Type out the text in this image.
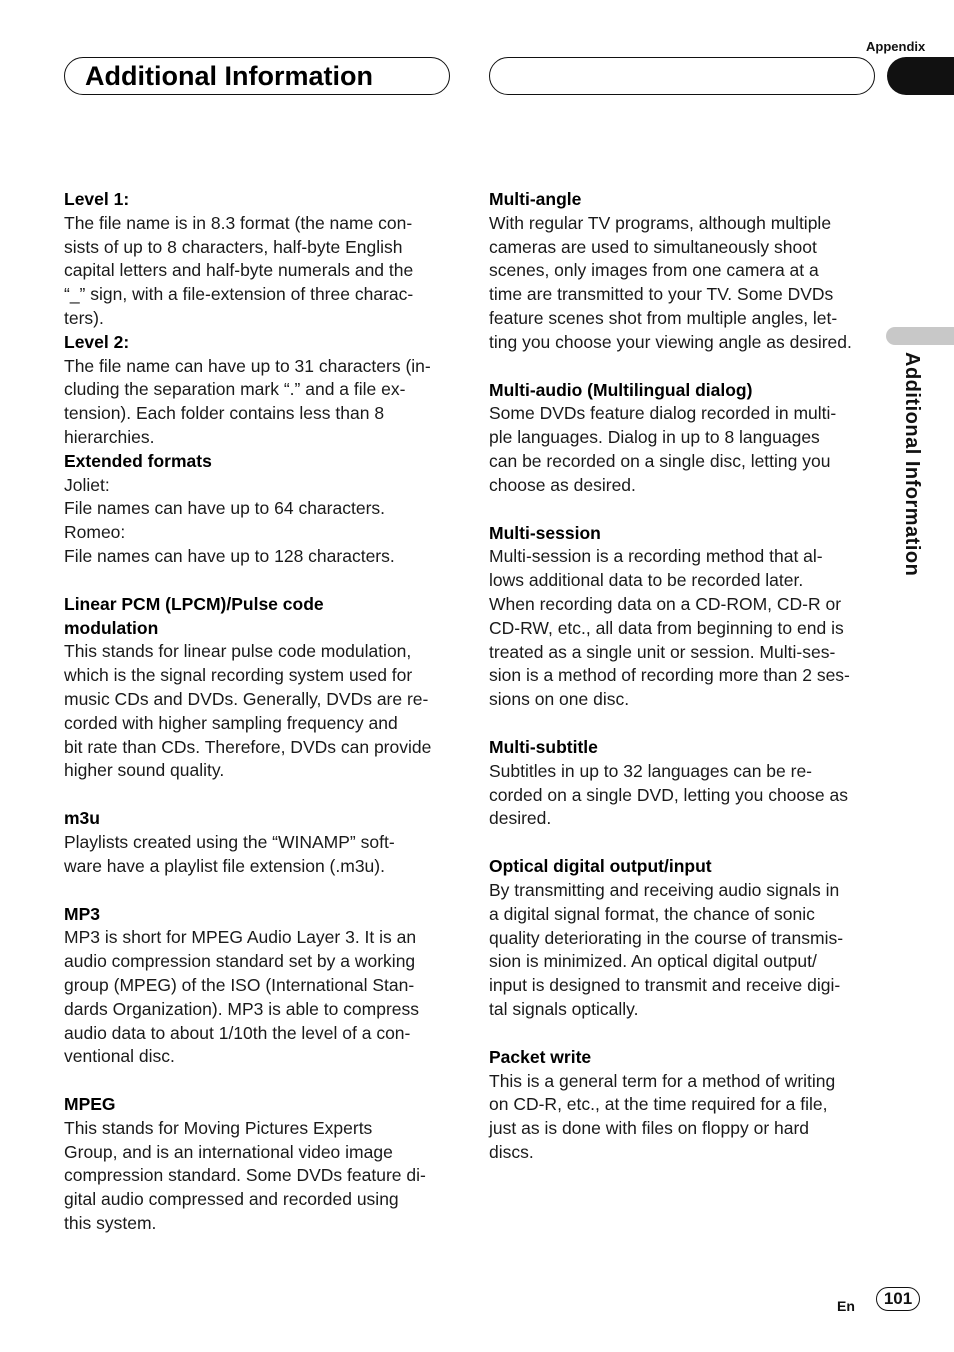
Appendix
Additional Information
Additional Information
Level 1:
The file name is in 8.3 format (the name con-
sists of up to 8 characters, half-byte English
capital letters and half-byte numerals and the
“_” sign, with a file-extension of three charac-
ters).
Level 2:
The file name can have up to 31 characters (in-
cluding the separation mark “.” and a file ex-
tension). Each folder contains less than 8
hierarchies.
Extended formats
Joliet:
File names can have up to 64 characters.
Romeo:
File names can have up to 128 characters.
Linear PCM (LPCM)/Pulse code
modulation
This stands for linear pulse code modulation,
which is the signal recording system used for
music CDs and DVDs. Generally, DVDs are re-
corded with higher sampling frequency and
bit rate than CDs. Therefore, DVDs can provide
higher sound quality.
m3u
Playlists created using the “WINAMP” soft-
ware have a playlist file extension (.m3u).
MP3
MP3 is short for MPEG Audio Layer 3. It is an
audio compression standard set by a working
group (MPEG) of the ISO (International Stan-
dards Organization). MP3 is able to compress
audio data to about 1/10th the level of a con-
ventional disc.
MPEG
This stands for Moving Pictures Experts
Group, and is an international video image
compression standard. Some DVDs feature di-
gital audio compressed and recorded using
this system.
Multi-angle
With regular TV programs, although multiple
cameras are used to simultaneously shoot
scenes, only images from one camera at a
time are transmitted to your TV. Some DVDs
feature scenes shot from multiple angles, let-
ting you choose your viewing angle as desired.
Multi-audio (Multilingual dialog)
Some DVDs feature dialog recorded in multi-
ple languages. Dialog in up to 8 languages
can be recorded on a single disc, letting you
choose as desired.
Multi-session
Multi-session is a recording method that al-
lows additional data to be recorded later.
When recording data on a CD-ROM, CD-R or
CD-RW, etc., all data from beginning to end is
treated as a single unit or session. Multi-ses-
sion is a method of recording more than 2 ses-
sions on one disc.
Multi-subtitle
Subtitles in up to 32 languages can be re-
corded on a single DVD, letting you choose as
desired.
Optical digital output/input
By transmitting and receiving audio signals in
a digital signal format, the chance of sonic
quality deteriorating in the course of transmis-
sion is minimized. An optical digital output/
input is designed to transmit and receive digi-
tal signals optically.
Packet write
This is a general term for a method of writing
on CD-R, etc., at the time required for a file,
just as is done with files on floppy or hard
discs.
En	101
